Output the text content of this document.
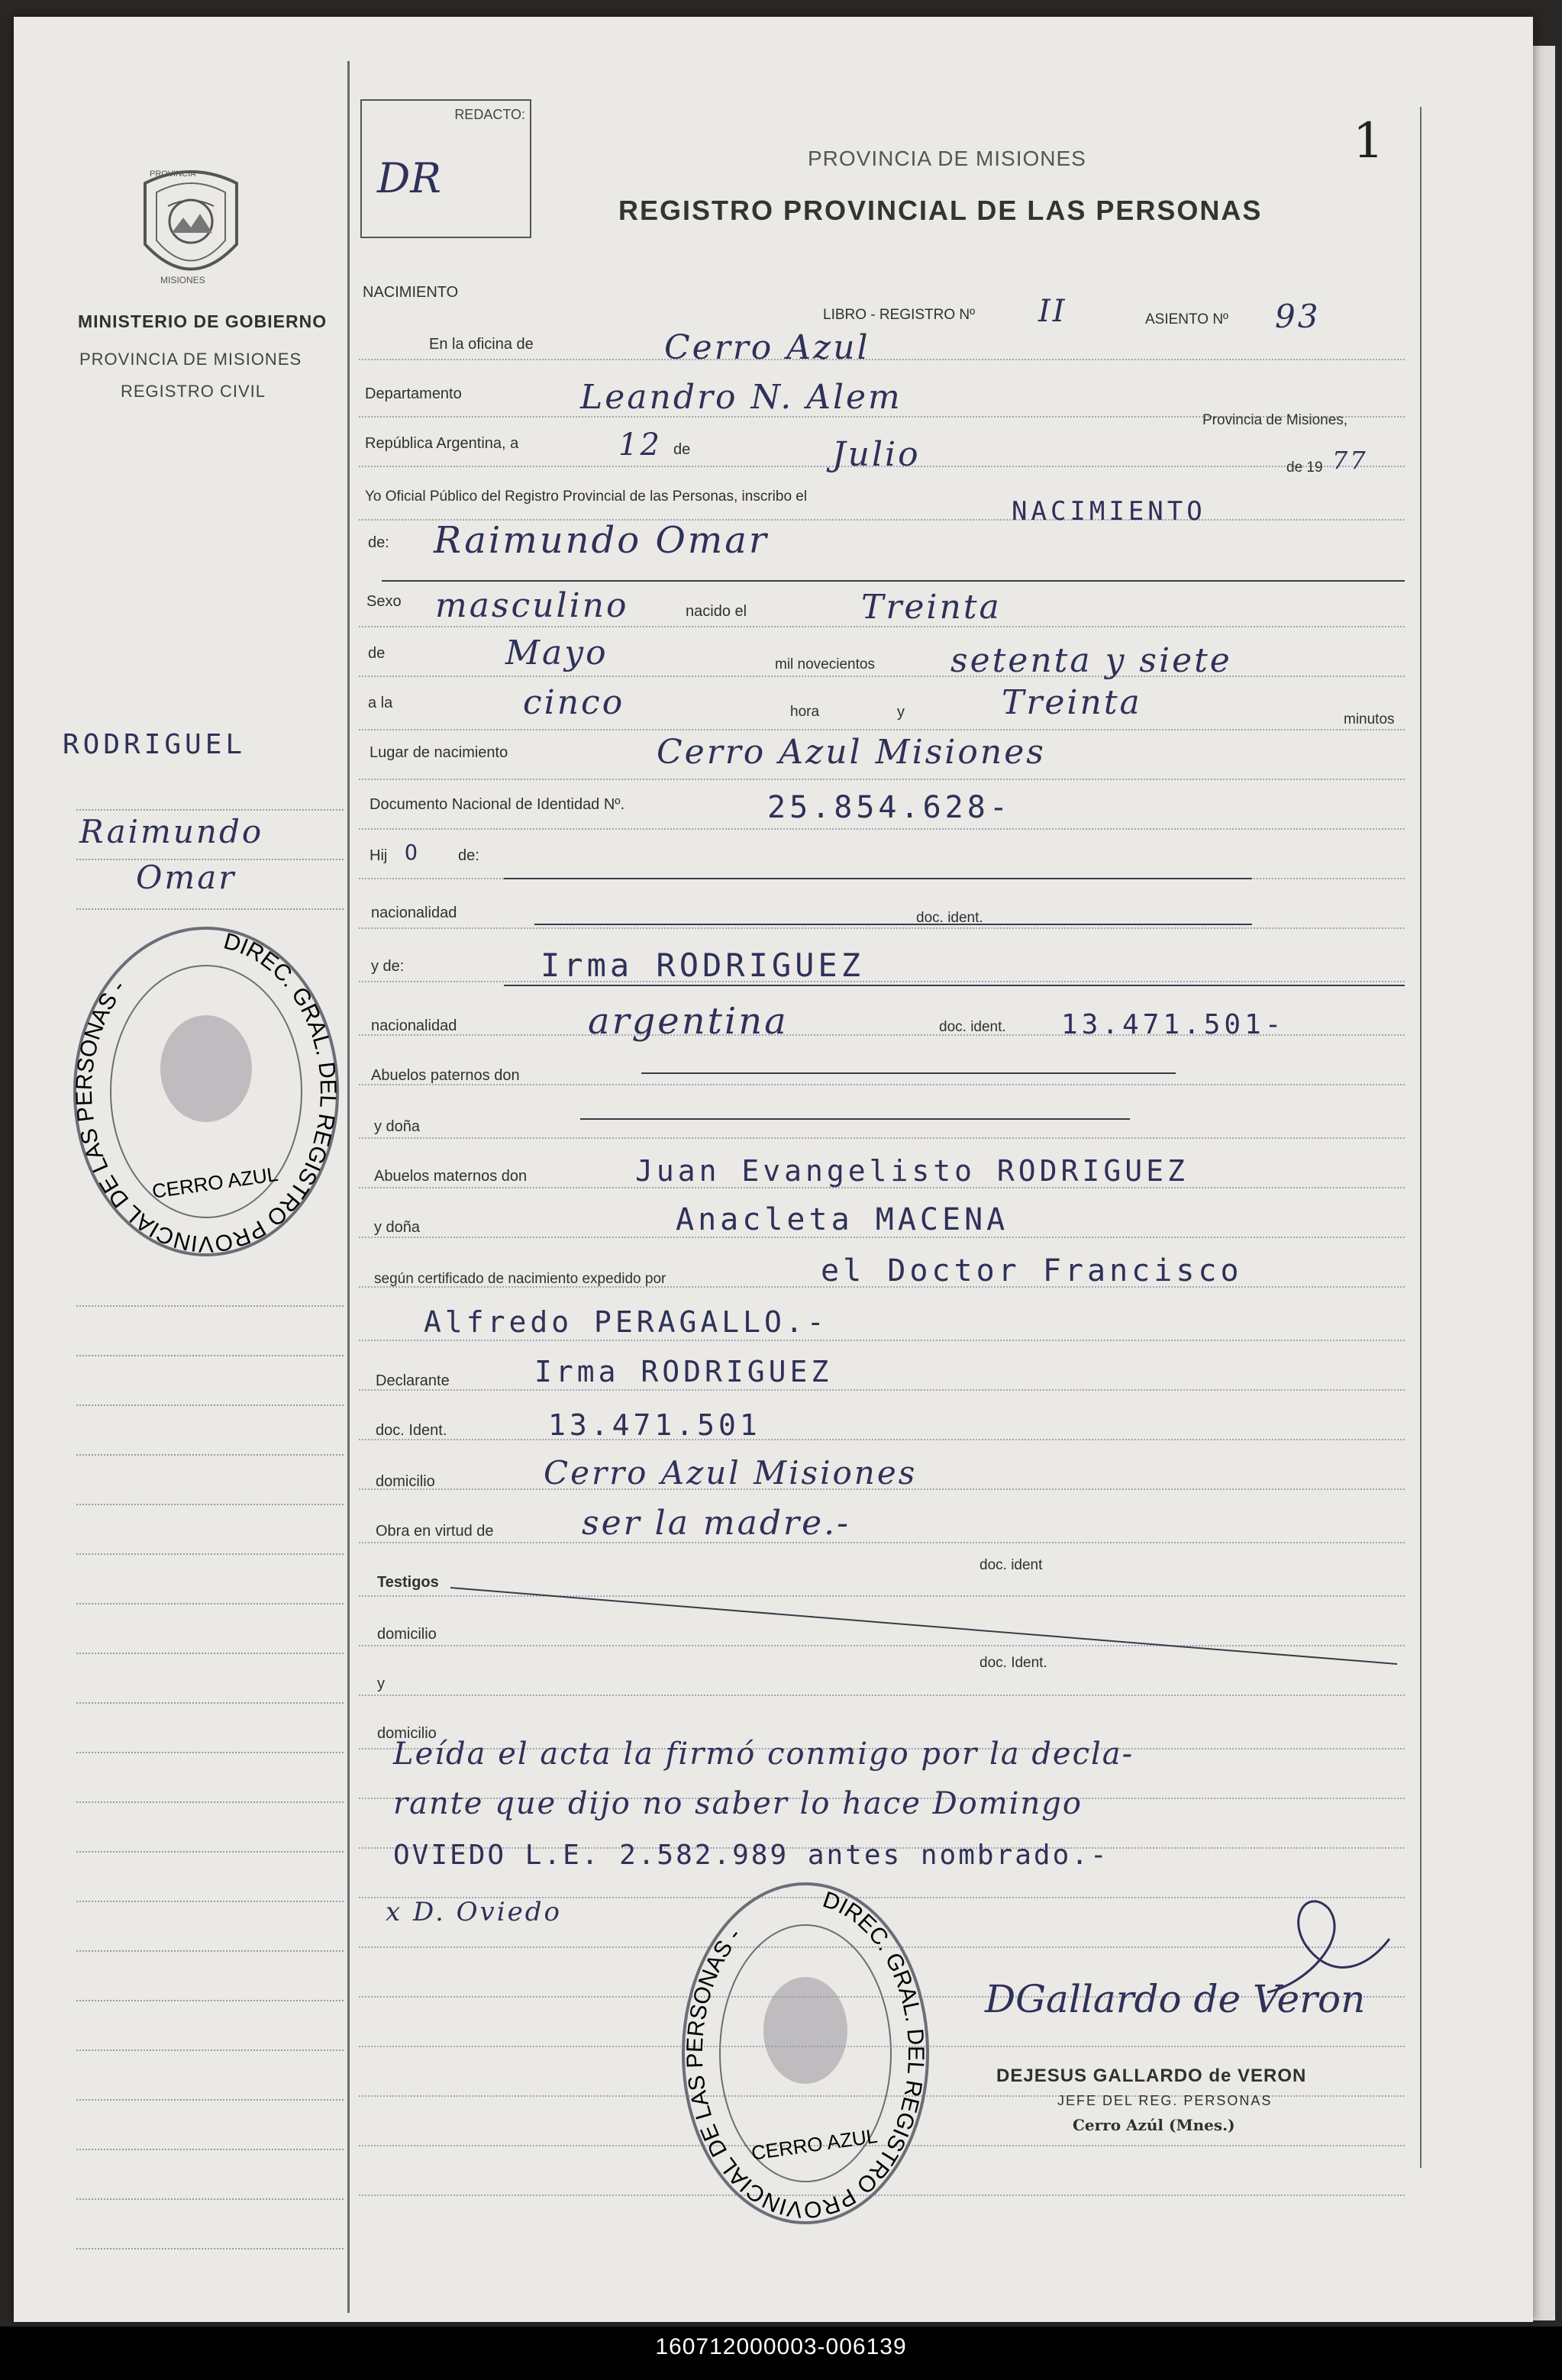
REDACTO:
DR	PROVINCIA DE MISIONES
REGISTRO PROVINCIAL DE LAS PERSONAS
1
PROVINCIA
MISIONES
MINISTERIO DE GOBIERNO
PROVINCIA DE MISIONES
REGISTRO CIVIL
RODRIGUEL
Raimundo
Omar
DIREC. GRAL. DEL REGISTRO PROVINCIAL DE LAS PERSONAS -
CERRO AZUL
NACIMIENTO
LIBRO - REGISTRO Nº II	ASIENTO Nº 93
En la oficina de	Cerro Azul
Departamento	Leandro N. Alem
Provincia de Misiones,
República Argentina, a	12 de	Julio	de 19 77
Yo Oficial Público del Registro Provincial de las Personas, inscribo el	NACIMIENTO
de: Raimundo Omar
Sexo masculino	nacido el	Treinta
de	Mayo	mil novecientos setenta y siete
a la	cinco	hora	y	Treinta	minutos
Lugar de nacimiento	Cerro Azul Misiones
Documento Nacional de Identidad Nº.	25.854.628-
Hij O	de:
nacionalidad	doc. ident.
y de:	Irma RODRIGUEZ
nacionalidad	argentina	doc. ident. 13.471.501-
Abuelos paternos don
y doña
Abuelos maternos don	Juan Evangelisto RODRIGUEZ
y doña	Anacleta MACENA
según certificado de nacimiento expedido por	el Doctor Francisco
Alfredo PERAGALLO.-
Declarante	Irma RODRIGUEZ
doc. Ident.	13.471.501
domicilio	Cerro Azul Misiones
Obra en virtud de	ser la madre.-
doc. ident
Testigos
domicilio
doc. Ident.
y
domicilio
Leída el acta la firmó conmigo por la decla-
rante que dijo no saber lo hace Domingo
OVIEDO L.E. 2.582.989 antes nombrado.-
x D. Oviedo	DIREC. GRAL. DEL REGISTRO PROVINCIAL DE LAS PERSONAS -
CERRO AZUL
DGallardo de Veron
DEJESUS GALLARDO de VERON
JEFE DEL REG. PERSONAS
Cerro Azúl (Mnes.)
160712000003-006139
